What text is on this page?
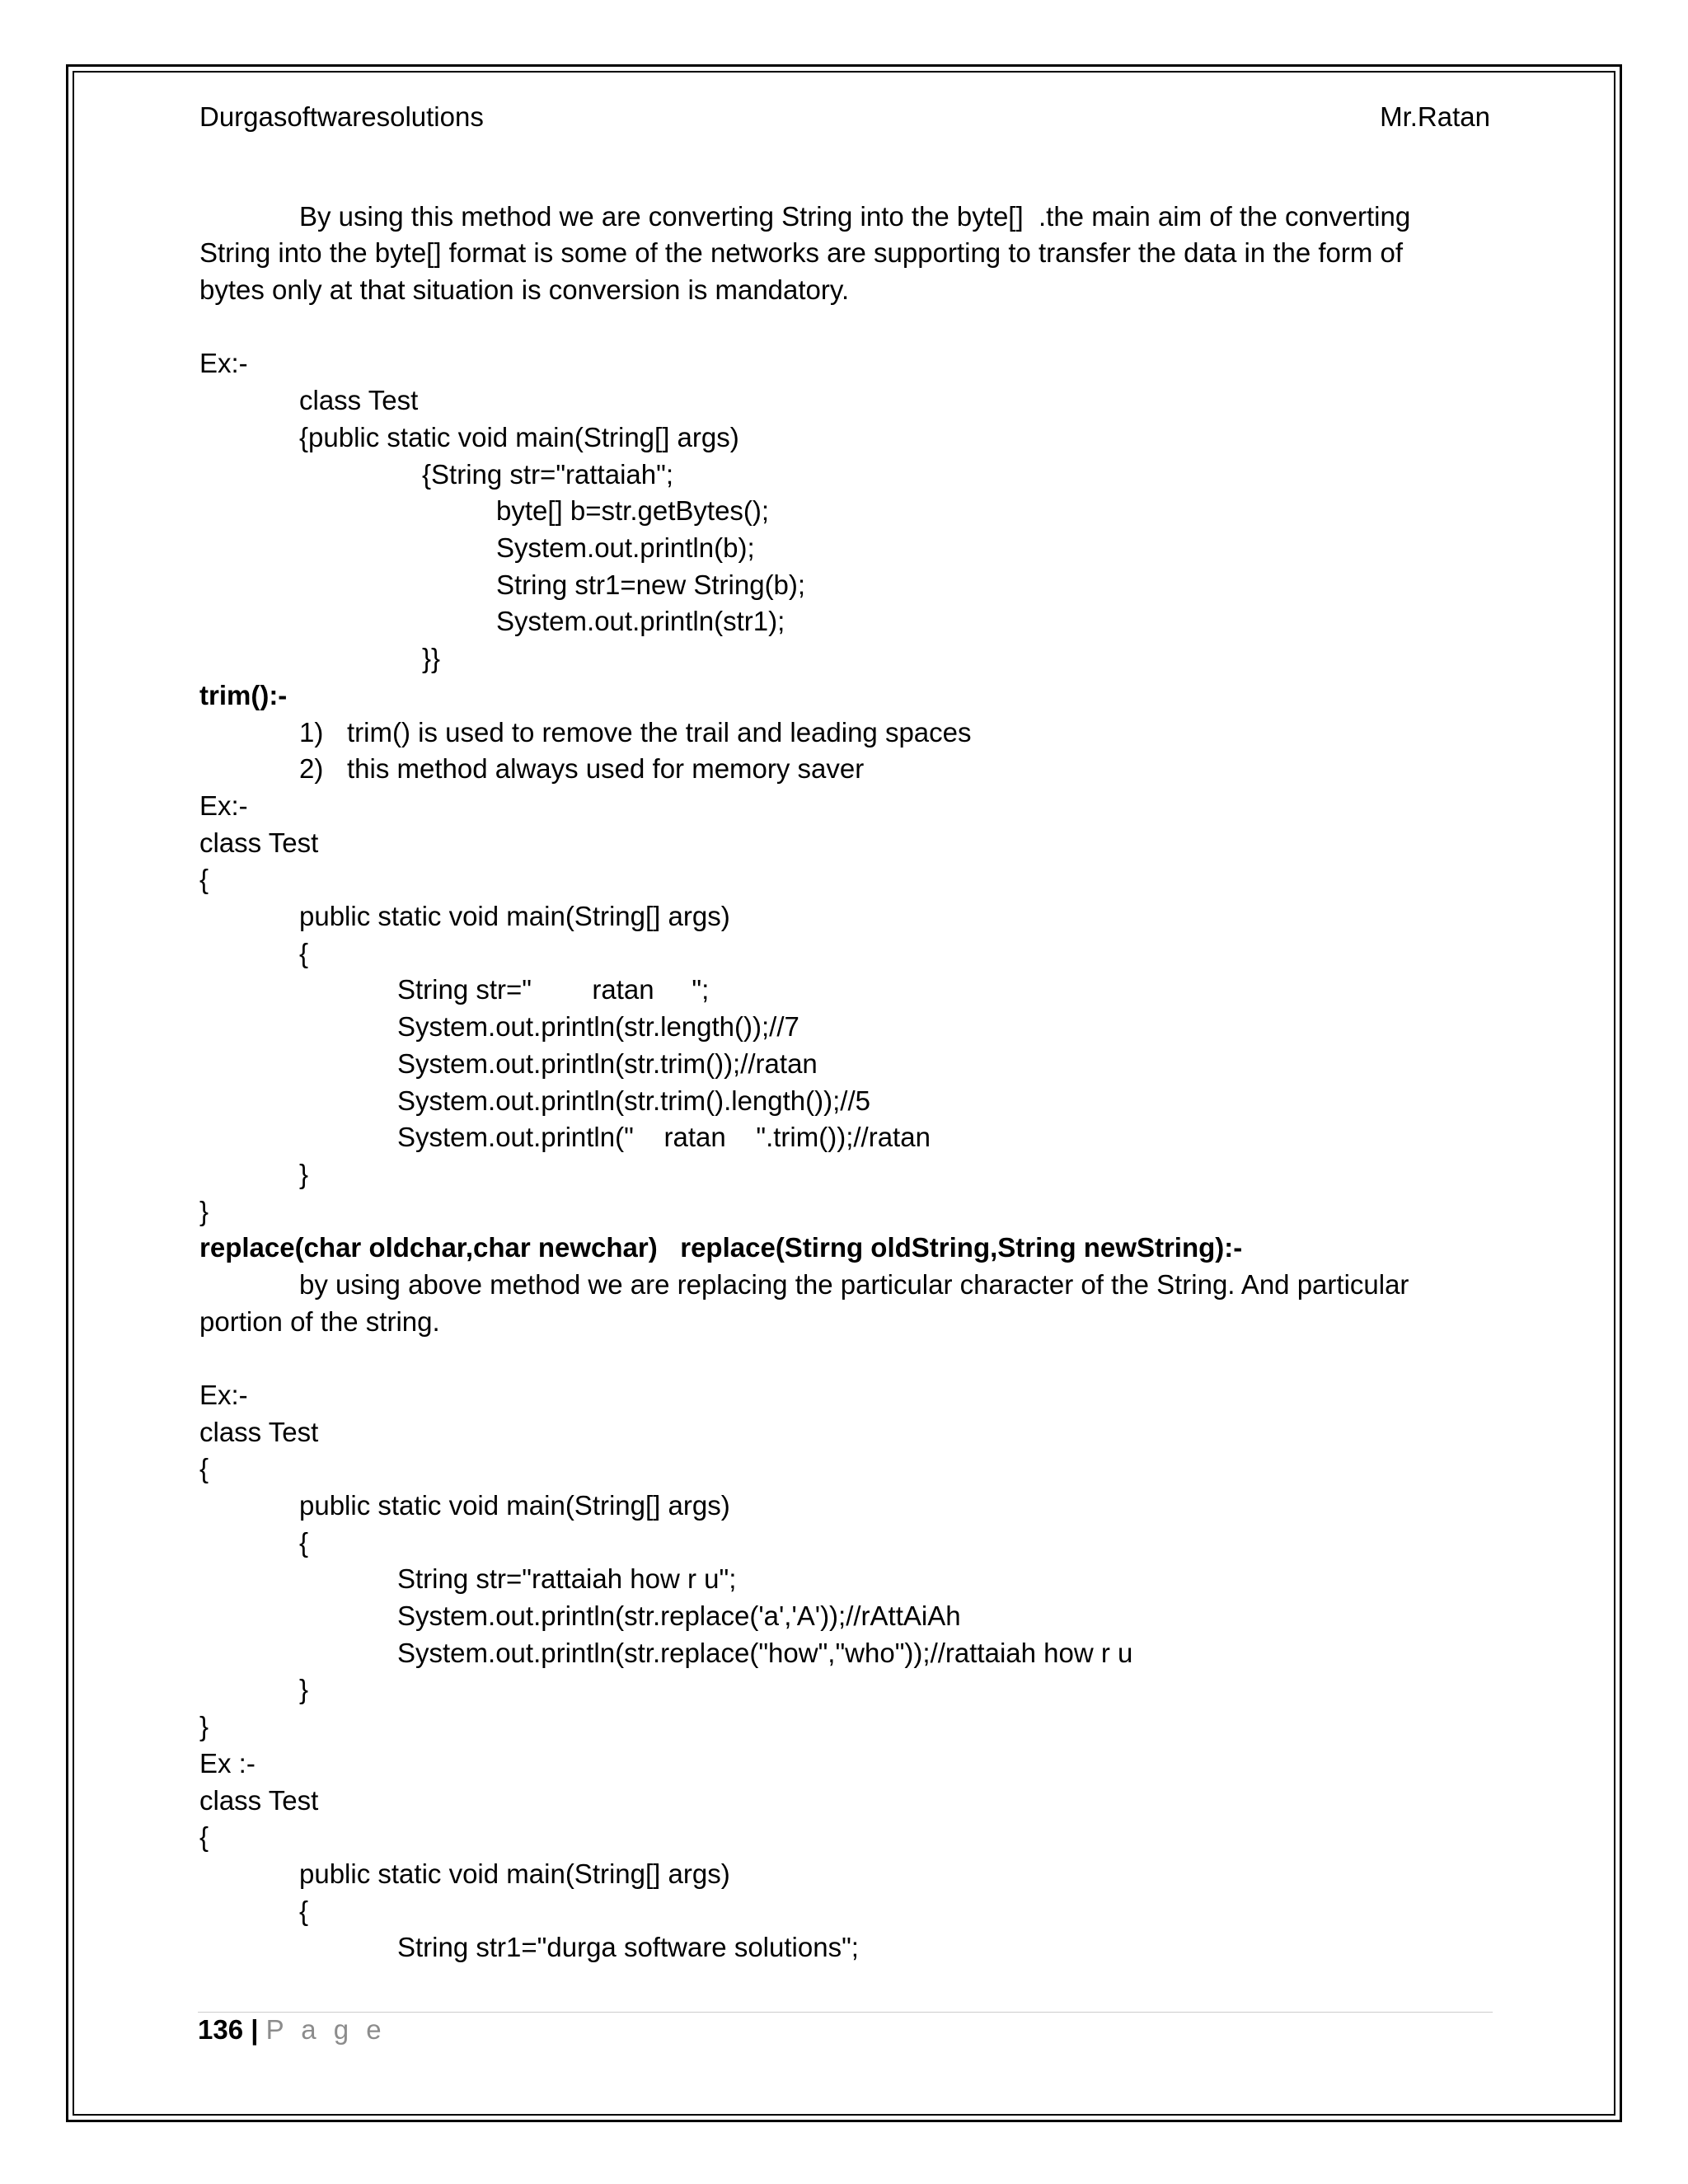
Durgasoftwaresolutions	Mr.Ratan
By using this method we are converting String into the byte[]  .the main aim of the converting
String into the byte[] format is some of the networks are supporting to transfer the data in the form of
bytes only at that situation is conversion is mandatory.
Ex:-
class Test
{public static void main(String[] args)
{String str="rattaiah";
byte[] b=str.getBytes();
System.out.println(b);
String str1=new String(b);
System.out.println(str1);
}}
trim():-
1) trim() is used to remove the trail and leading spaces
2) this method always used for memory saver
Ex:-
class Test
{
public static void main(String[] args)
{
String str="        ratan     ";
System.out.println(str.length());//7
System.out.println(str.trim());//ratan
System.out.println(str.trim().length());//5
System.out.println("    ratan    ".trim());//ratan
}
}
replace(char oldchar,char newchar)   replace(Stirng oldString,String newString):-
by using above method we are replacing the particular character of the String. And particular
portion of the string.
Ex:-
class Test
{
public static void main(String[] args)
{
String str="rattaiah how r u";
System.out.println(str.replace('a','A'));//rAttAiAh
System.out.println(str.replace("how","who"));//rattaiah how r u
}
}
Ex :-
class Test
{
public static void main(String[] args)
{
String str1="durga software solutions";
136 | P a g e
